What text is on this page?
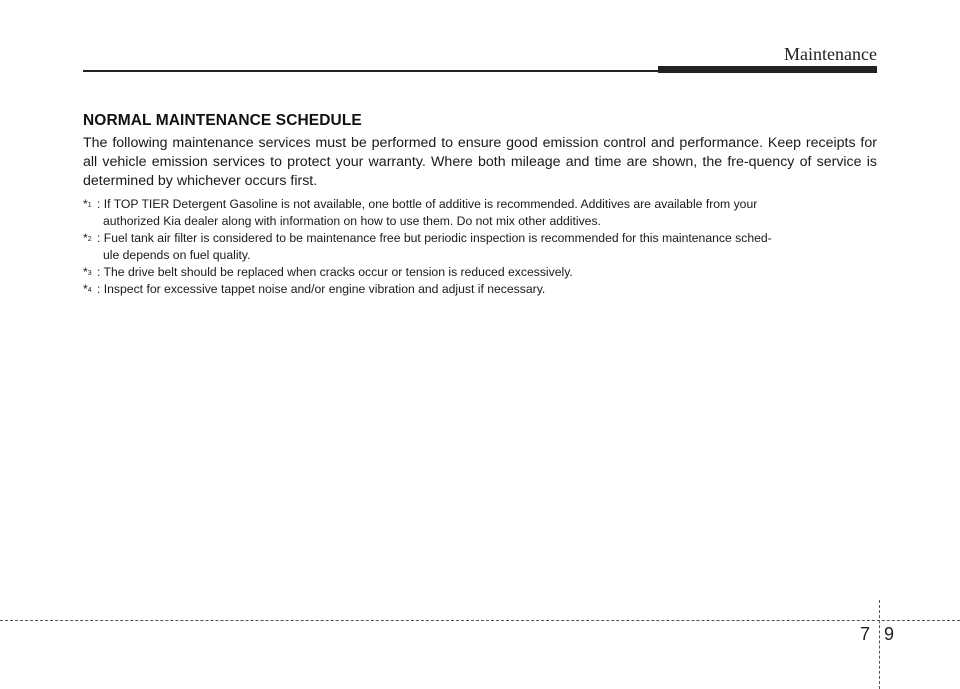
Maintenance
NORMAL MAINTENANCE SCHEDULE

The following maintenance services must be performed to ensure good emission control and performance. Keep receipts for all vehicle emission services to protect your warranty. Where both mileage and time are shown, the fre-quency of service is determined by whichever occurs first.

*$^1$ : If TOP TIER Detergent Gasoline is not available, one bottle of additive is recommended. Additives are available from your
authorized Kia dealer along with information on how to use them. Do not mix other additives.
*$^2$ : Fuel tank air filter is considered to be maintenance free but periodic inspection is recommended for this maintenance sched-
ule depends on fuel quality.
*$^3$ : The drive belt should be replaced when cracks occur or tension is reduced excessively.
*$^4$ : Inspect for excessive tappet noise and/or engine vibration and adjust if necessary.
7 9
